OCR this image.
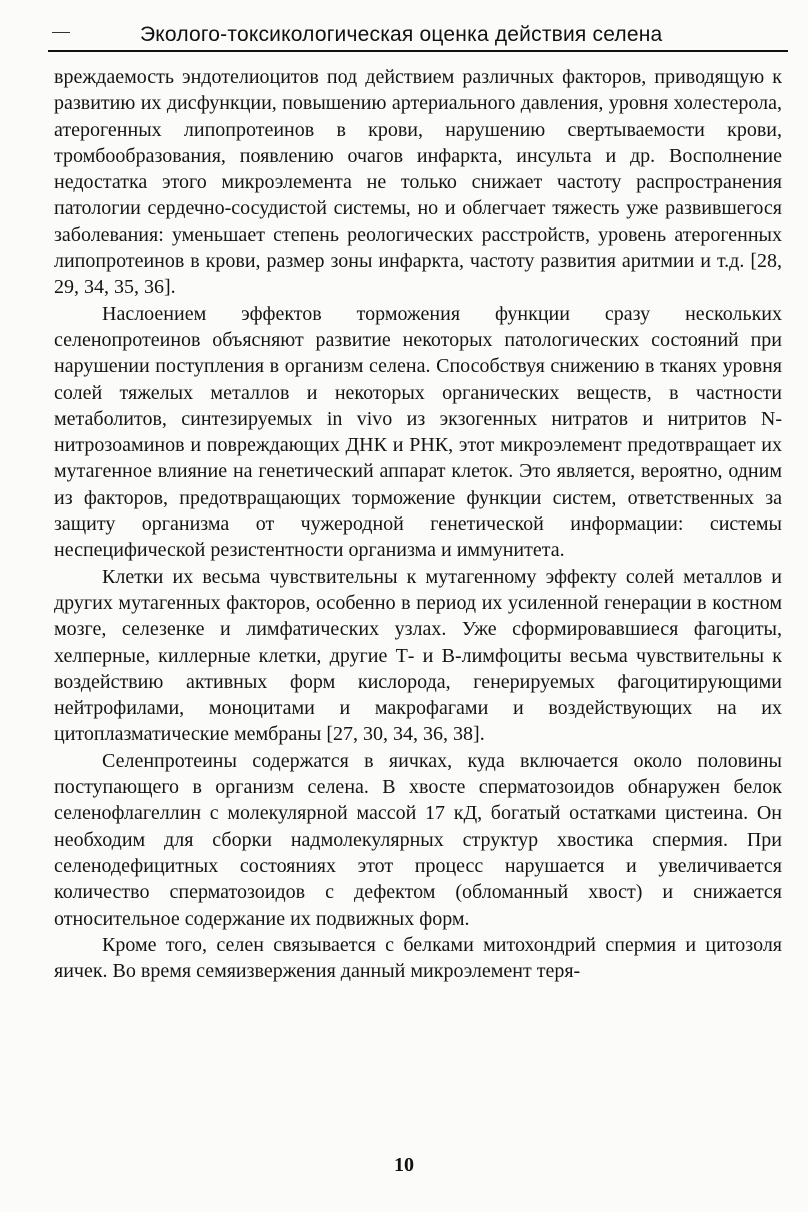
Эколого-токсикологическая оценка действия селена

вреждаемость эндотелиоцитов под действием различных факторов, приводящую к развитию их дисфункции, повышению артериального давления, уровня холестерола, атерогенных липопротеинов в крови, нарушению свертываемости крови, тромбообразования, появлению очагов инфаркта, инсульта и др. Восполнение недостатка этого микроэлемента не только снижает частоту распространения патологии сердечно-сосудистой системы, но и облегчает тяжесть уже развившегося заболевания: уменьшает степень реологических расстройств, уровень атерогенных липопротеинов в крови, размер зоны инфаркта, частоту развития аритмии и т.д. [28, 29, 34, 35, 36].

Наслоением эффектов торможения функции сразу нескольких селенопротеинов объясняют развитие некоторых патологических состояний при нарушении поступления в организм селена. Способствуя снижению в тканях уровня солей тяжелых металлов и некоторых органических веществ, в частности метаболитов, синтезируемых in vivo из экзогенных нитратов и нитритов N-нитрозоаминов и повреждающих ДНК и РНК, этот микроэлемент предотвращает их мутагенное влияние на генетический аппарат клеток. Это является, вероятно, одним из факторов, предотвращающих торможение функции систем, ответственных за защиту организма от чужеродной генетической информации: системы неспецифической резистентности организма и иммунитета.

Клетки их весьма чувствительны к мутагенному эффекту солей металлов и других мутагенных факторов, особенно в период их усиленной генерации в костном мозге, селезенке и лимфатических узлах. Уже сформировавшиеся фагоциты, хелперные, киллерные клетки, другие Т- и В-лимфоциты весьма чувствительны к воздействию активных форм кислорода, генерируемых фагоцитирующими нейтрофилами, моноцитами и макрофагами и воздействующих на их цитоплазматические мембраны [27, 30, 34, 36, 38].

Селенпротеины содержатся в яичках, куда включается около половины поступающего в организм селена. В хвосте сперматозоидов обнаружен белок селенофлагеллин с молекулярной массой 17 кД, богатый остатками цистеина. Он необходим для сборки надмолекулярных структур хвостика спермия. При селенодефицитных состояниях этот процесс нарушается и увеличивается количество сперматозоидов с дефектом (обломанный хвост) и снижается относительное содержание их подвижных форм.

Кроме того, селен связывается с белками митохондрий спермия и цитозоля яичек. Во время семяизвержения данный микроэлемент теря-

10
